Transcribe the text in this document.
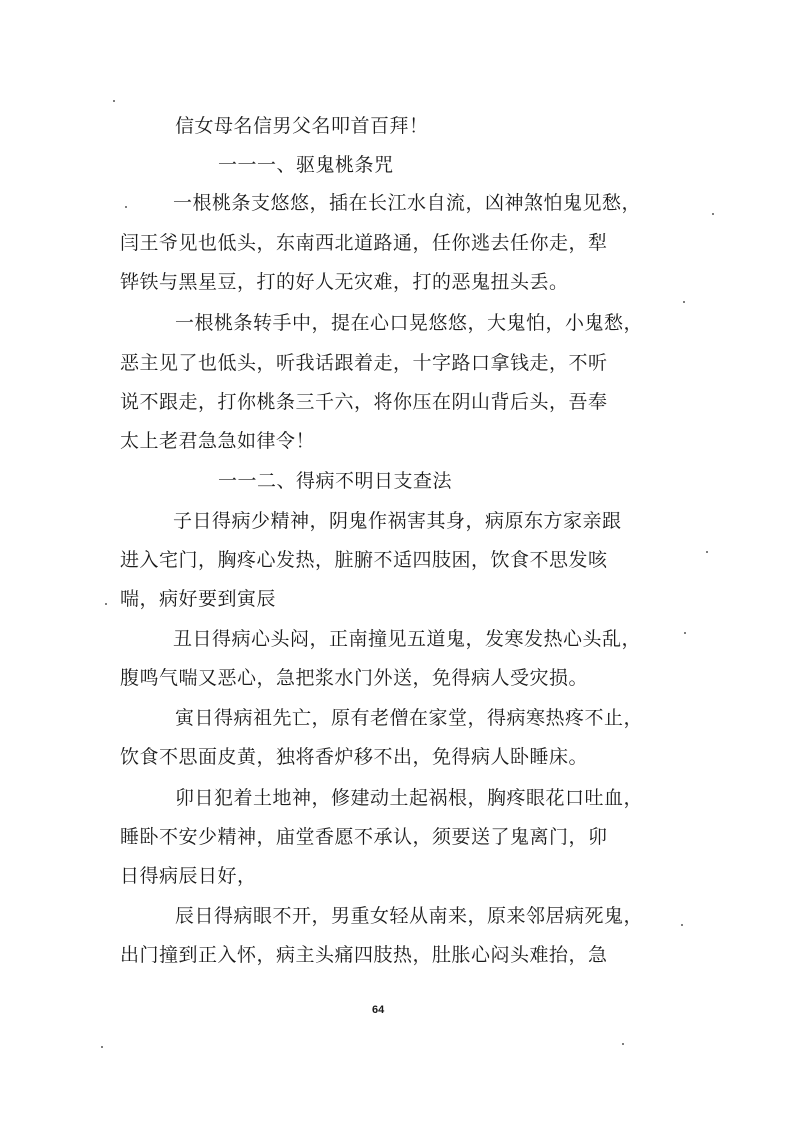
信女母名信男父名叩首百拜！
一一一、驱鬼桃条咒
一根桃条支悠悠，插在长江水自流，凶神煞怕鬼见愁，
闫王爷见也低头，东南西北道路通，任你逃去任你走，犁
铧铁与黑星豆，打的好人无灾难，打的恶鬼扭头丢。
一根桃条转手中，提在心口晃悠悠，大鬼怕，小鬼愁，
恶主见了也低头，听我话跟着走，十字路口拿钱走，不听
说不跟走，打你桃条三千六，将你压在阴山背后头，吾奉
太上老君急急如律令！
一一二、得病不明日支查法
子日得病少精神，阴鬼作祸害其身，病原东方家亲跟
进入宅门，胸疼心发热，脏腑不适四肢困，饮食不思发咳
喘，病好要到寅辰
丑日得病心头闷，正南撞见五道鬼，发寒发热心头乱，
腹鸣气喘又恶心，急把浆水门外送，免得病人受灾损。
寅日得病祖先亡，原有老僧在家堂，得病寒热疼不止，
饮食不思面皮黄，独将香炉移不出，免得病人卧睡床。
卯日犯着土地神，修建动土起祸根，胸疼眼花口吐血，
睡卧不安少精神，庙堂香愿不承认，须要送了鬼离门，卯
日得病辰日好，
辰日得病眼不开，男重女轻从南来，原来邻居病死鬼，
出门撞到正入怀，病主头痛四肢热，肚胀心闷头难抬，急
64
